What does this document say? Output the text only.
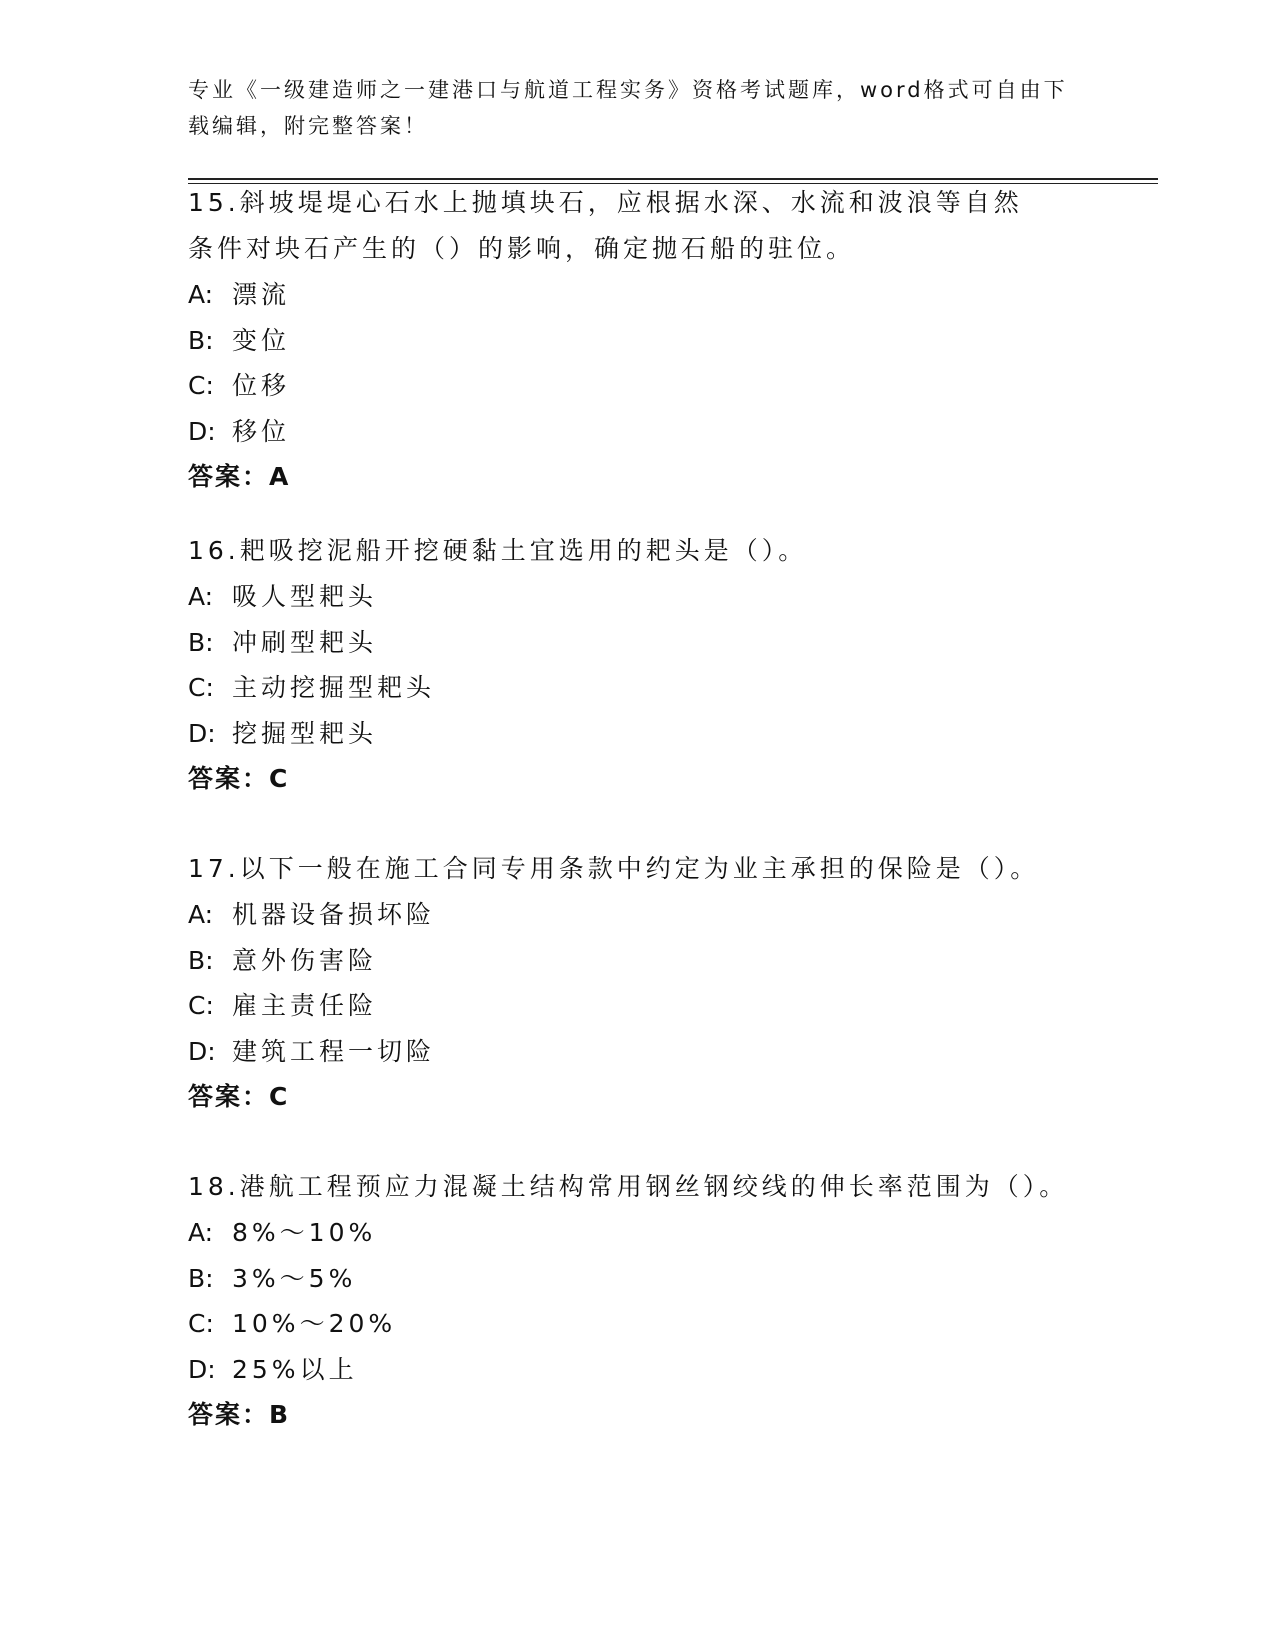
专业《一级建造师之一建港口与航道工程实务》资格考试题库，word格式可自由下载编辑，附完整答案！

15.斜坡堤堤心石水上抛填块石，应根据水深、水流和波浪等自然条件对块石产生的（）的影响，确定抛石船的驻位。

A: 漂流

B: 变位

C: 位移

D: 移位

答案：A

16.耙吸挖泥船开挖硬黏土宜选用的耙头是（）。

A: 吸人型耙头

B: 冲刷型耙头

C: 主动挖掘型耙头

D: 挖掘型耙头

答案：C

17.以下一般在施工合同专用条款中约定为业主承担的保险是（）。

A: 机器设备损坏险

B: 意外伤害险

C: 雇主责任险

D: 建筑工程一切险

答案：C

18.港航工程预应力混凝土结构常用钢丝钢绞线的伸长率范围为（）。

A: 8%～10%

B: 3%～5%

C: 10%～20%

D: 25%以上

答案：B
